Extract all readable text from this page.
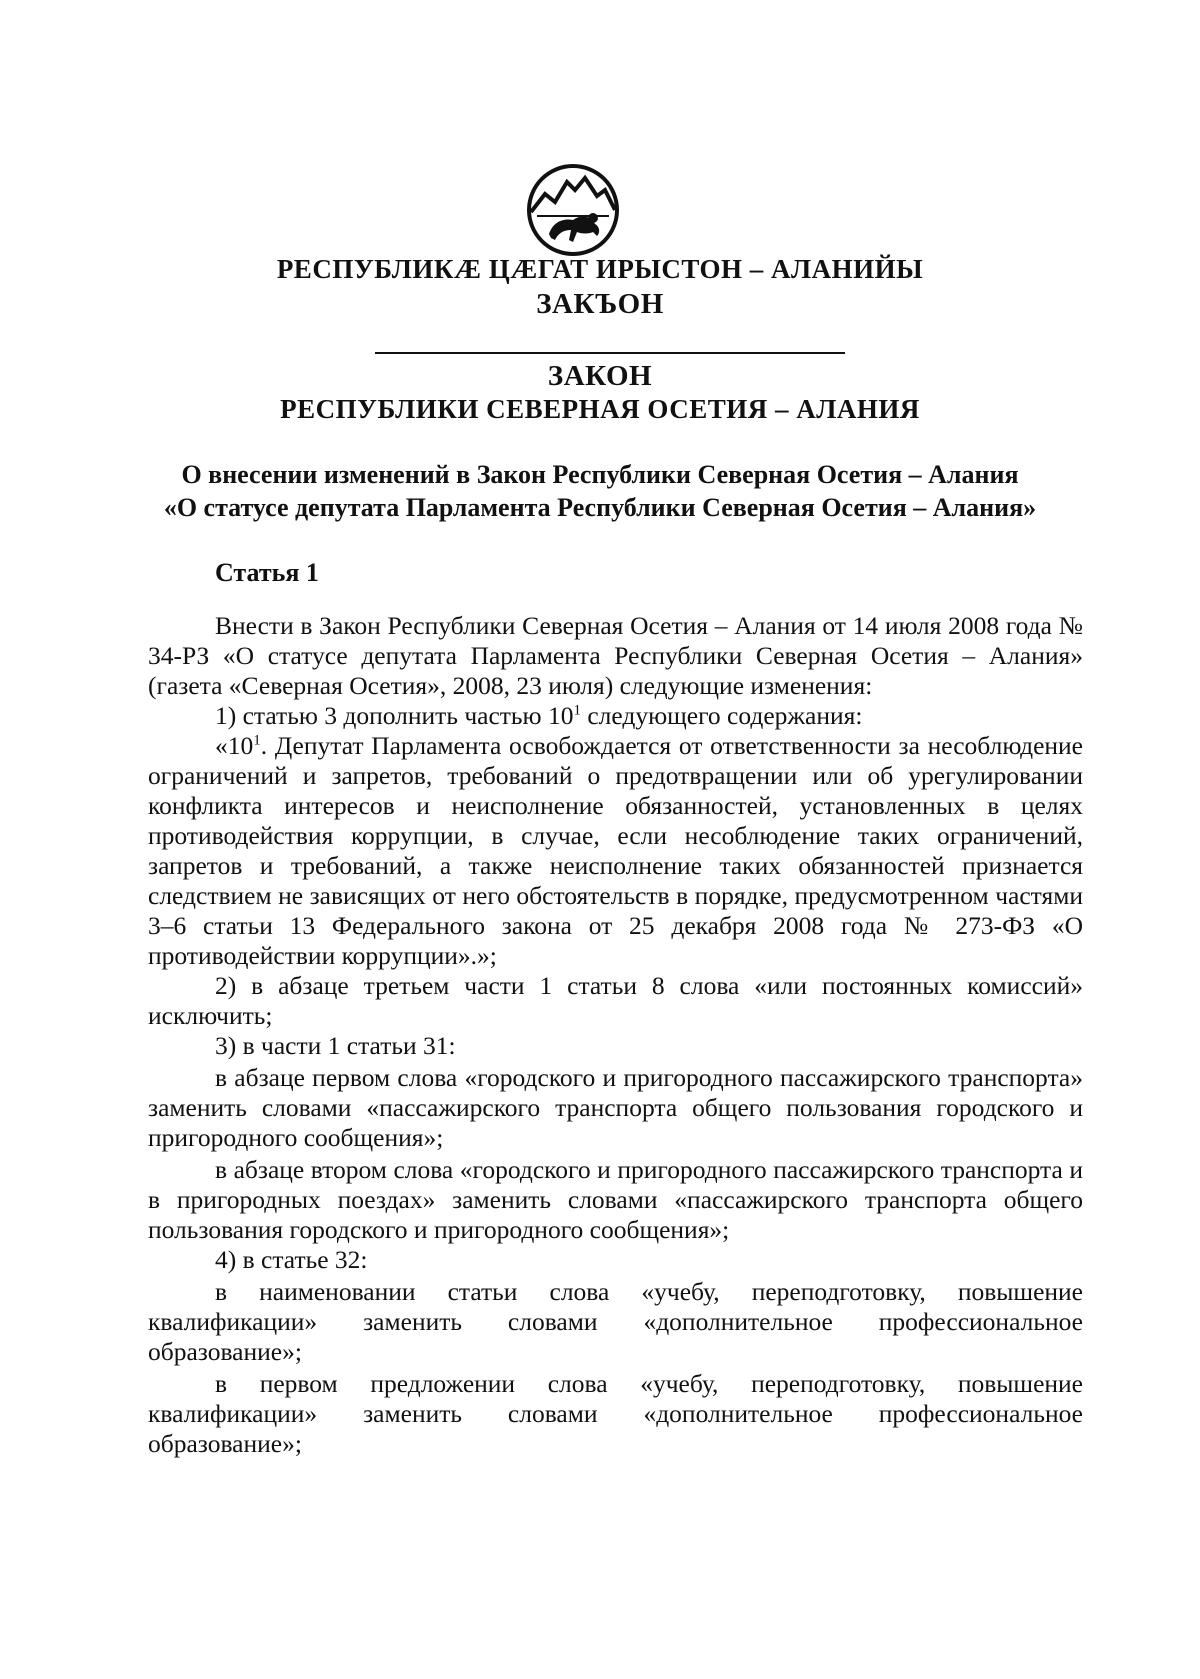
РЕСПУБЛИКӔ ЦӔГАТ ИРЫСТОН – АЛАНИЙЫ
ЗАКЪОН
ЗАКОН
РЕСПУБЛИКИ СЕВЕРНАЯ ОСЕТИЯ – АЛАНИЯ
О внесении изменений в Закон Республики Северная Осетия – Алания
«О статусе депутата Парламента Республики Северная Осетия – Алания»
Статья 1

Внести в Закон Республики Северная Осетия – Алания от 14 июля 2008 года № 34-РЗ «О статусе депутата Парламента Республики Северная Осетия – Алания» (газета «Северная Осетия», 2008, 23 июля) следующие изменения:

1) статью 3 дополнить частью $10^1$ следующего содержания:

«$10^1$. Депутат Парламента освобождается от ответственности за несоблюдение ограничений и запретов, требований о предотвращении или об урегулировании конфликта интересов и неисполнение обязанностей, установленных в целях противодействия коррупции, в случае, если несоблюдение таких ограничений, запретов и требований, а также неисполнение таких обязанностей признается следствием не зависящих от него обстоятельств в порядке, предусмотренном частями 3–6 статьи 13 Федерального закона от 25 декабря 2008 года № 273-ФЗ «О противодействии коррупции».»;

2) в абзаце третьем части 1 статьи 8 слова «или постоянных комиссий» исключить;

3) в части 1 статьи 31:

в абзаце первом слова «городского и пригородного пассажирского транспорта» заменить словами «пассажирского транспорта общего пользования городского и пригородного сообщения»;

в абзаце втором слова «городского и пригородного пассажирского транспорта и в пригородных поездах» заменить словами «пассажирского транспорта общего пользования городского и пригородного сообщения»;

4) в статье 32:

в наименовании статьи слова «учебу, переподготовку, повышение квалификации» заменить словами «дополнительное профессиональное образование»;

в первом предложении слова «учебу, переподготовку, повышение квалификации» заменить словами «дополнительное профессиональное образование»;
